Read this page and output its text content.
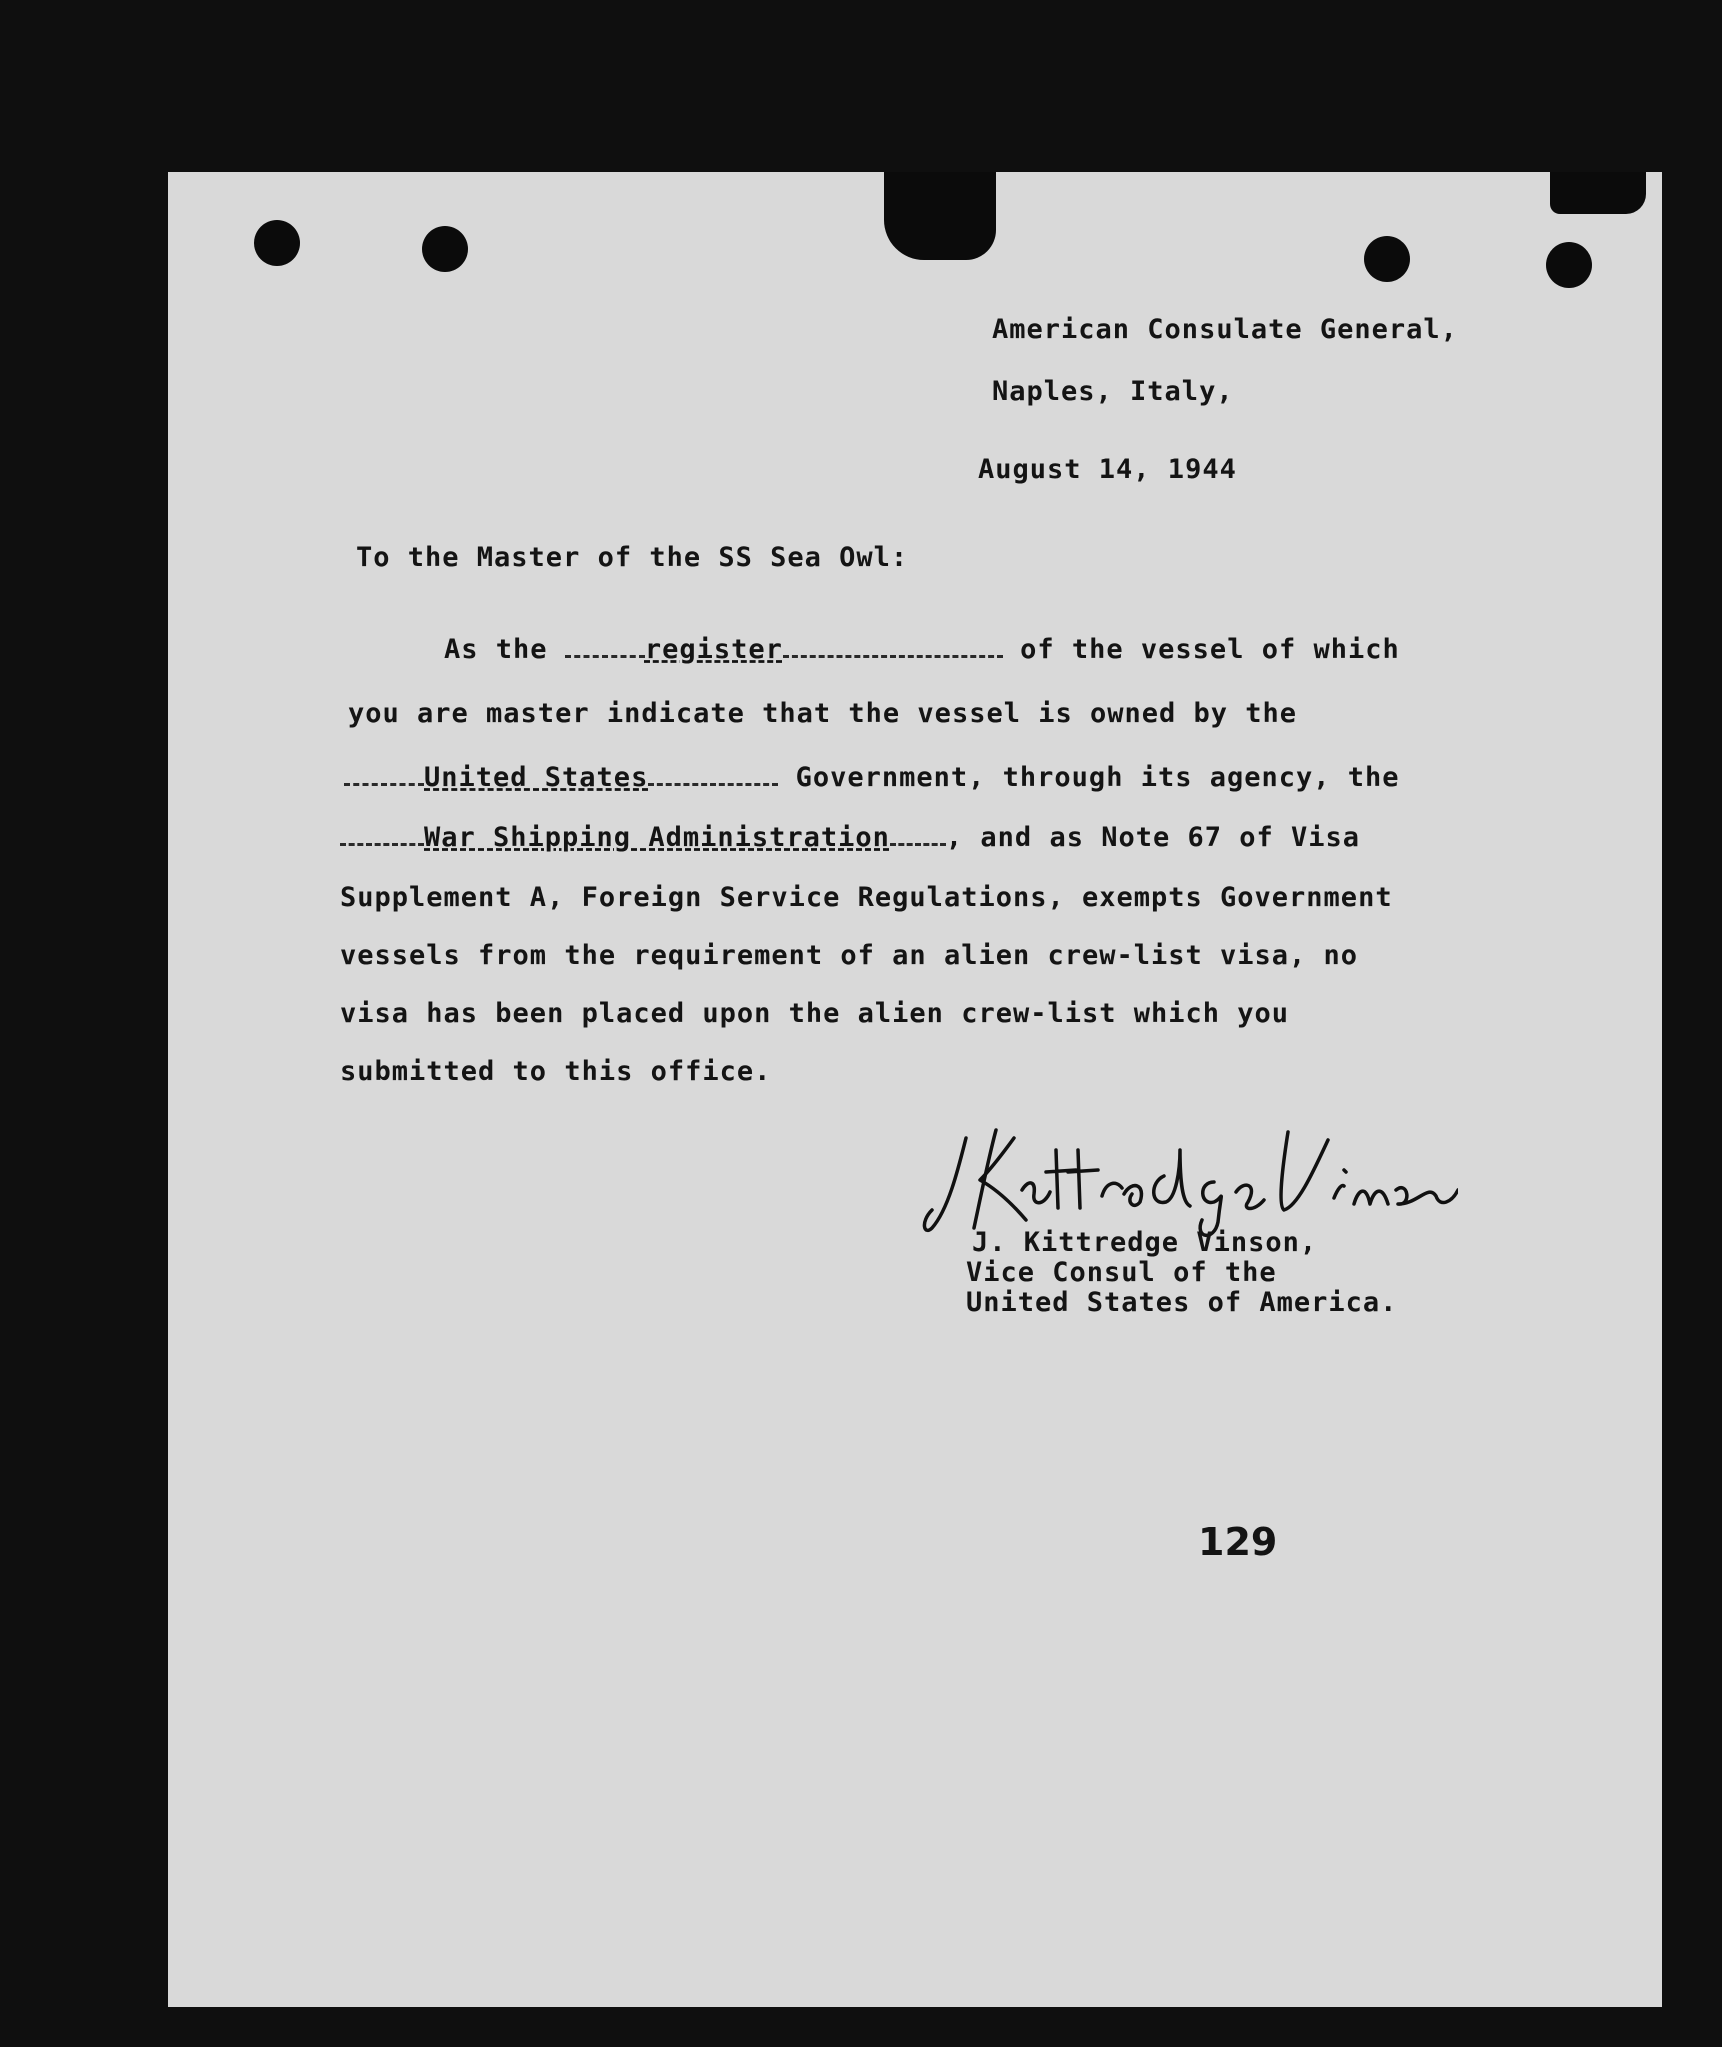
American Consulate General,
Naples, Italy,
August 14, 1944
To the Master of the SS Sea Owl:
As the	register	of the vessel of which
you are master indicate that the vessel is owned by the
United States	Government, through its agency, the
War Shipping Administration , and as Note 67 of Visa
Supplement A, Foreign Service Regulations, exempts Government
vessels from the requirement of an alien crew-list visa, no
visa has been placed upon the alien crew-list which you
submitted to this office.
J. Kittredge Vinson,
Vice Consul of the
United States of America.
129
